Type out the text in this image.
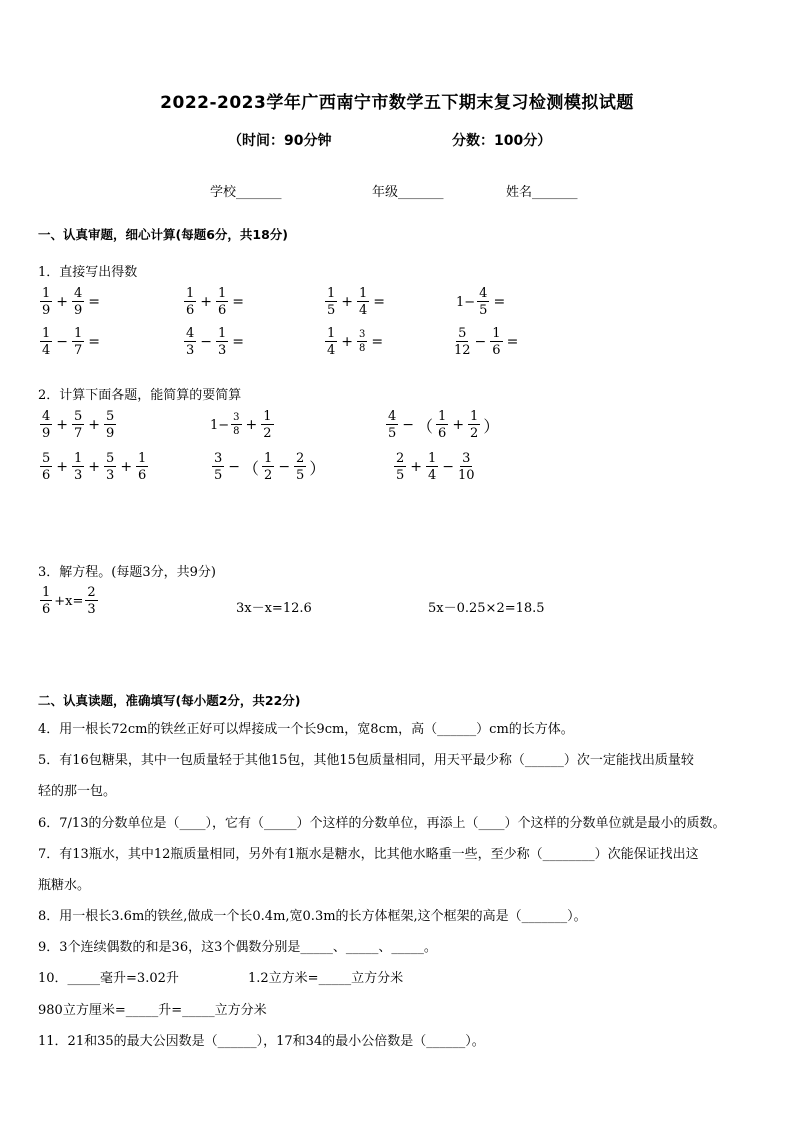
2022-2023学年广西南宁市数学五下期末复习检测模拟试题
（时间：90分钟	分数：100分）
学校_______	年级_______	姓名_______
一、认真审题，细心计算(每题6分，共18分)
1．直接写出得数
$\frac{1}{9} + \frac{4}{9}$ =	$\frac{1}{6} + \frac{1}{6}$ =	$\frac{1}{5} + \frac{1}{4}$ =	$1- \frac{4}{5}$ =
$\frac{1}{4} - \frac{1}{7}$ =	$\frac{4}{3} - \frac{1}{3}$ =	$\frac{1}{4} + \frac{3}{8}$ =	$\frac{5}{12} - \frac{1}{6}$ =
2．计算下面各题，能简算的要简算
$\frac{4}{9} + \frac{5}{7} + \frac{5}{9}$	$1- \frac{3}{8} + \frac{1}{2}$	$\frac{4}{5}$ − （ $\frac{1}{6} + \frac{1}{2}$ ）
$\frac{5}{6} + \frac{1}{3} + \frac{5}{3} + \frac{1}{6}$	$\frac{3}{5}$ − （ $\frac{1}{2} - \frac{2}{5}$ ）	$\frac{2}{5} + \frac{1}{4} - \frac{3}{10}$
3．解方程。(每题3分，共9分)
$\frac{1}{6} +x= \frac{2}{3}$	3x－x=12.6	5x－0.25×2=18.5
二、认真读题，准确填写(每小题2分，共22分)
4．用一根长72cm的铁丝正好可以焊接成一个长9cm，宽8cm，高（______）cm的长方体。
5．有16包糖果，其中一包质量轻于其他15包，其他15包质量相同，用天平最少称（______）次一定能找出质量较
轻的那一包。
6．7/13的分数单位是（____），它有（_____）个这样的分数单位，再添上（____）个这样的分数单位就是最小的质数。
7．有13瓶水，其中12瓶质量相同，另外有1瓶水是糖水，比其他水略重一些，至少称（________）次能保证找出这
瓶糖水。
8．用一根长3.6m的铁丝,做成一个长0.4m,宽0.3m的长方体框架,这个框架的高是（_______）。
9．3个连续偶数的和是36，这3个偶数分别是_____、_____、_____。
10．_____毫升=3.02升	1.2立方米=_____立方分米
980立方厘米=_____升=_____立方分米
11．21和35的最大公因数是（______），17和34的最小公倍数是（______）。
